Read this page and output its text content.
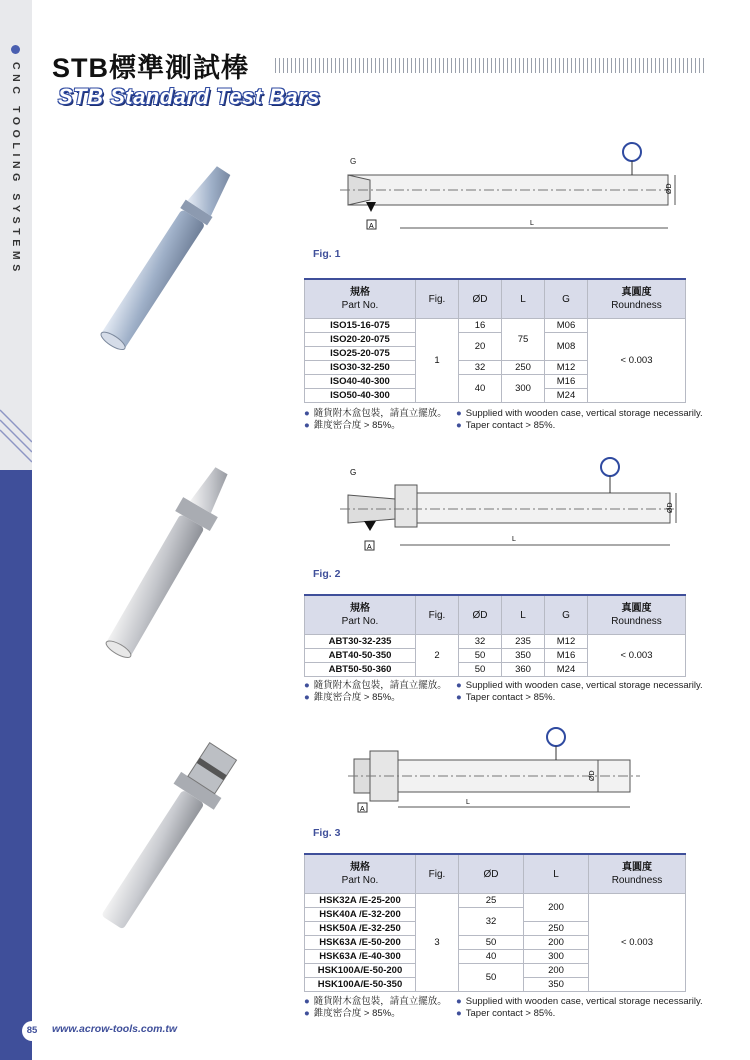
CNC TOOLING SYSTEMS STB標準測試棒
STB Standard Test Bars
G
A	L
ØD
Fig. 1
規格
Part No.	Fig.	ØD	L	G	真圓度
Roundness
ISO15-16-075	1	16	75	M06	< 0.003
ISO20-20-075		20		M08	
ISO25-20-075					
ISO30-32-250		32	250	M12	
ISO40-40-300		40	300	M16	
ISO50-40-300				M24	
● 隨貨附木盒包裝，請直立擺放。 ● Supplied with wooden case, vertical storage necessarily.
● 錐度密合度 > 85%。	● Taper contact > 85%.
G
A
L
ØD
Fig. 2
規格
Part No.	Fig.	ØD	L	G	真圓度
Roundness
ABT30-32-235	2	32	235	M12	< 0.003
ABT40-50-350		50	350	M16	
ABT50-50-360		50	360	M24	
● 隨貨附木盒包裝，請直立擺放。 ● Supplied with wooden case, vertical storage necessarily.
● 錐度密合度 > 85%。	● Taper contact > 85%.
A
L
ØD
Fig. 3
規格
Part No.	Fig.	ØD	L	真圓度
Roundness
HSK32A /E-25-200	3	25	200	< 0.003
HSK40A /E-32-200		32		
HSK50A /E-32-250			250	
HSK63A /E-50-200		50	200	
HSK63A /E-40-300		40	300	
HSK100A/E-50-200		50	200	
HSK100A/E-50-350			350	
● 隨貨附木盒包裝，請直立擺放。 ● Supplied with wooden case, vertical storage necessarily.
● 錐度密合度 > 85%。	● Taper contact > 85%.
85	www.acrow-tools.com.tw
